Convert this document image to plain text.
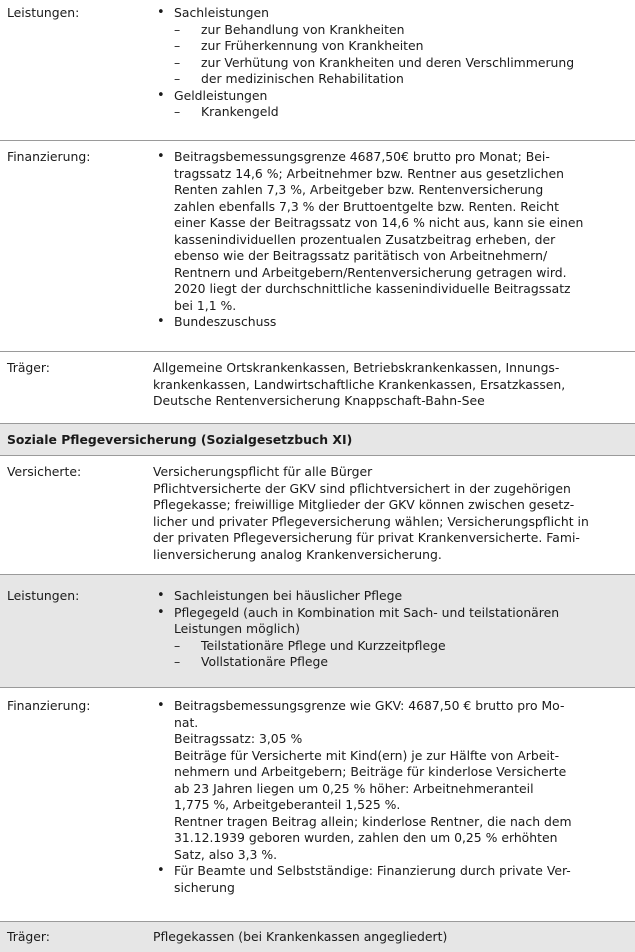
Leistungen:	• Sachleistungen
– zur Behandlung von Krankheiten
– zur Früherkennung von Krankheiten
– zur Verhütung von Krankheiten und deren Verschlimmerung
– der medizinischen Rehabilitation
• Geldleistungen
– Krankengeld
Finanzierung:	• Beitragsbemessungsgrenze 4687,50€ brutto pro Monat; Bei-
tragssatz 14,6 %; Arbeitnehmer bzw. Rentner aus gesetzlichen
Renten zahlen 7,3 %, Arbeitgeber bzw. Rentenversicherung
zahlen ebenfalls 7,3 % der Bruttoentgelte bzw. Renten. Reicht
einer Kasse der Beitragssatz von 14,6 % nicht aus, kann sie einen
kassenindividuellen prozentualen Zusatzbeitrag erheben, der
ebenso wie der Beitragssatz paritätisch von Arbeitnehmern/
Rentnern und Arbeitgebern/Rentenversicherung getragen wird.
2020 liegt der durchschnittliche kassenindividuelle Beitragssatz
bei 1,1 %.
• Bundeszuschuss
Träger:	Allgemeine Ortskrankenkassen, Betriebskrankenkassen, Innungs-
krankenkassen, Landwirtschaftliche Krankenkassen, Ersatzkassen,
Deutsche Rentenversicherung Knappschaft-Bahn-See
Soziale Pflegeversicherung (Sozialgesetzbuch XI)
Versicherte:	Versicherungspflicht für alle Bürger
Pflichtversicherte der GKV sind pflichtversichert in der zugehörigen
Pflegekasse; freiwillige Mitglieder der GKV können zwischen gesetz-
licher und privater Pflegeversicherung wählen; Versicherungspflicht in
der privaten Pflegeversicherung für privat Krankenversicherte. Fami-
lienversicherung analog Krankenversicherung.
Leistungen:	• Sachleistungen bei häuslicher Pflege
• Pflegegeld (auch in Kombination mit Sach- und teilstationären
Leistungen möglich)
– Teilstationäre Pflege und Kurzzeitpflege
– Vollstationäre Pflege
Finanzierung:	• Beitragsbemessungsgrenze wie GKV: 4687,50 € brutto pro Mo-
nat.
Beitragssatz: 3,05 %
Beiträge für Versicherte mit Kind(ern) je zur Hälfte von Arbeit-
nehmern und Arbeitgebern; Beiträge für kinderlose Versicherte
ab 23 Jahren liegen um 0,25 % höher: Arbeitnehmeranteil
1,775 %, Arbeitgeberanteil 1,525 %.
Rentner tragen Beitrag allein; kinderlose Rentner, die nach dem
31.12.1939 geboren wurden, zahlen den um 0,25 % erhöhten
Satz, also 3,3 %.
• Für Beamte und Selbstständige: Finanzierung durch private Ver-
sicherung
Träger:	Pflegekassen (bei Krankenkassen angegliedert)
